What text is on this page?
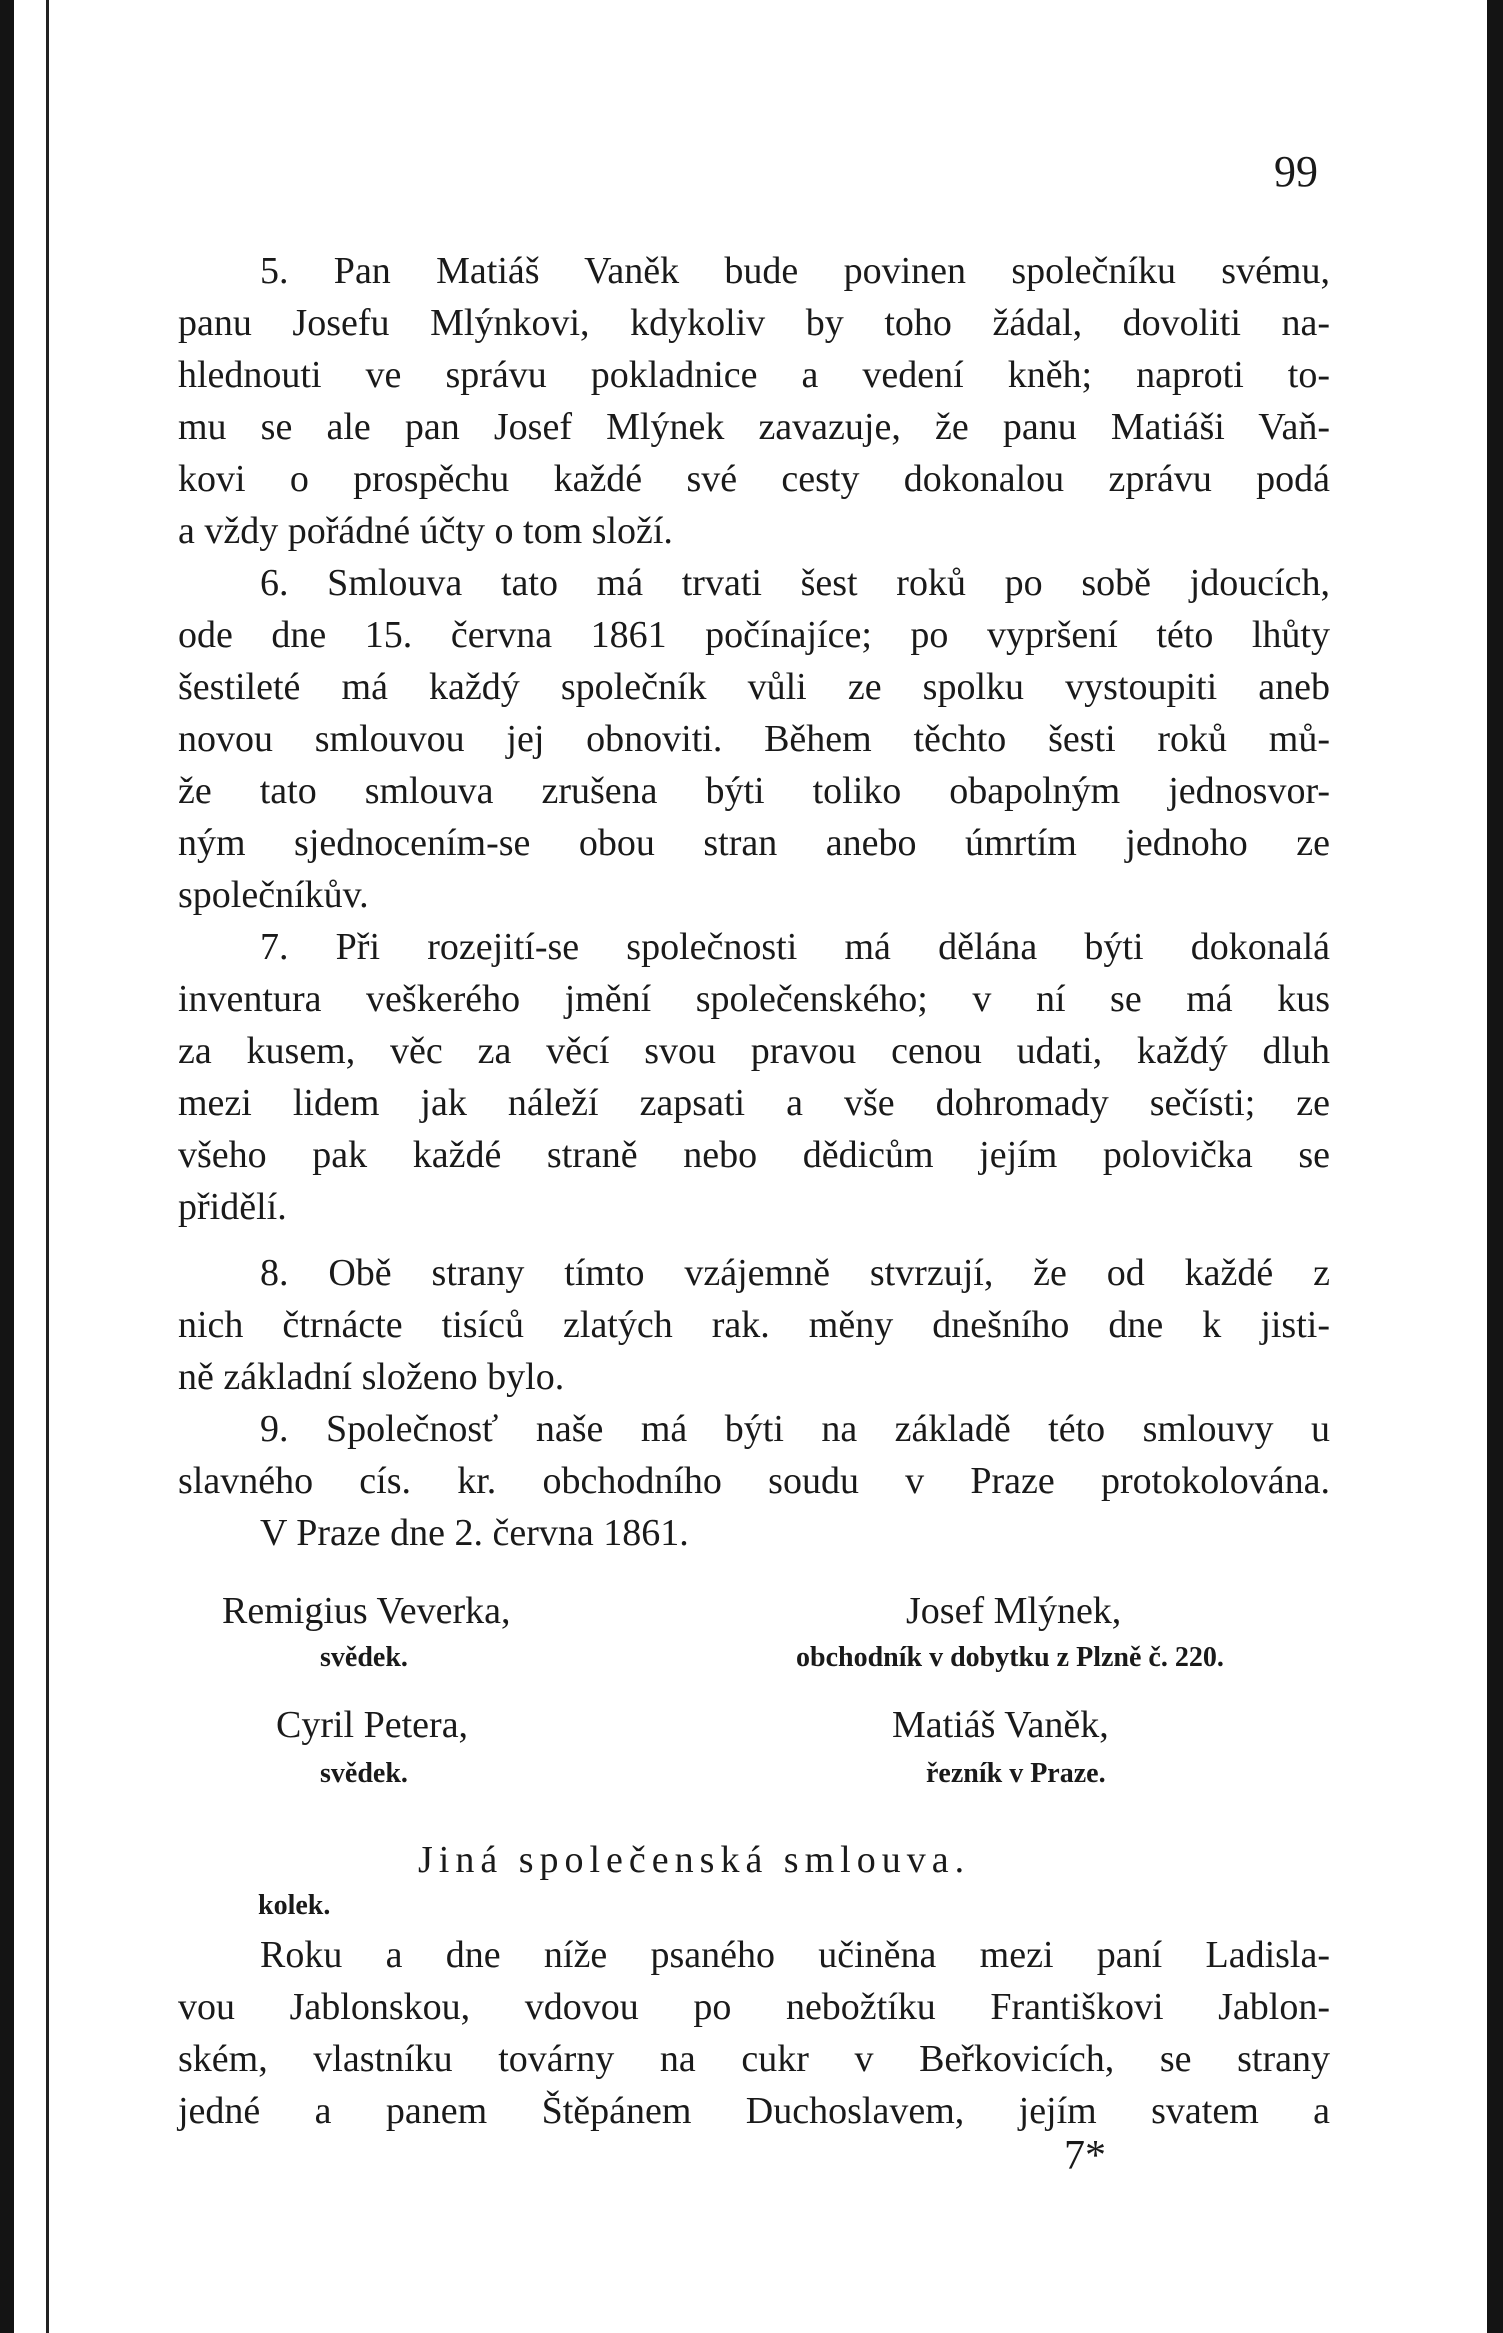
99
5. Pan Matiáš Vaněk bude povinen společníku svému,
panu Josefu Mlýnkovi, kdykoliv by toho žádal, dovoliti na-
hlednouti ve správu pokladnice a vedení kněh; naproti to-
mu se ale pan Josef Mlýnek zavazuje, že panu Matiáši Vaň-
kovi o prospěchu každé své cesty dokonalou zprávu podá
a vždy pořádné účty o tom složí.
6. Smlouva tato má trvati šest roků po sobě jdoucích,
ode dne 15. června 1861 počínajíce; po vypršení této lhůty
šestileté má každý společník vůli ze spolku vystoupiti aneb
novou smlouvou jej obnoviti. Během těchto šesti roků mů-
že tato smlouva zrušena býti toliko obapolným jednosvor-
ným sjednocením-se obou stran anebo úmrtím jednoho ze
společníkův.
7. Při rozejití-se společnosti má dělána býti dokonalá
inventura veškerého jmění společenského; v ní se má kus
za kusem, věc za věcí svou pravou cenou udati, každý dluh
mezi lidem jak náleží zapsati a vše dohromady sečísti; ze
všeho pak každé straně nebo dědicům jejím polovička se
přidělí.
8. Obě strany tímto vzájemně stvrzují, že od každé z
nich čtrnácte tisíců zlatých rak. měny dnešního dne k jisti-
ně základní složeno bylo.
9. Společnosť naše má býti na základě této smlouvy u
slavného cís. kr. obchodního soudu v Praze protokolována.
V Praze dne 2. června 1861.
Remigius Veverka,
svědek.
Josef Mlýnek,
obchodník v dobytku z Plzně č. 220.
Cyril Petera,
svědek.
Matiáš Vaněk,
řezník v Praze.
Jiná společenská smlouva.
kolek.
Roku a dne níže psaného učiněna mezi paní Ladisla-
vou Jablonskou, vdovou po nebožtíku Františkovi Jablon-
ském, vlastníku továrny na cukr v Beřkovicích, se strany
jedné a panem Štěpánem Duchoslavem, jejím svatem a
7*
